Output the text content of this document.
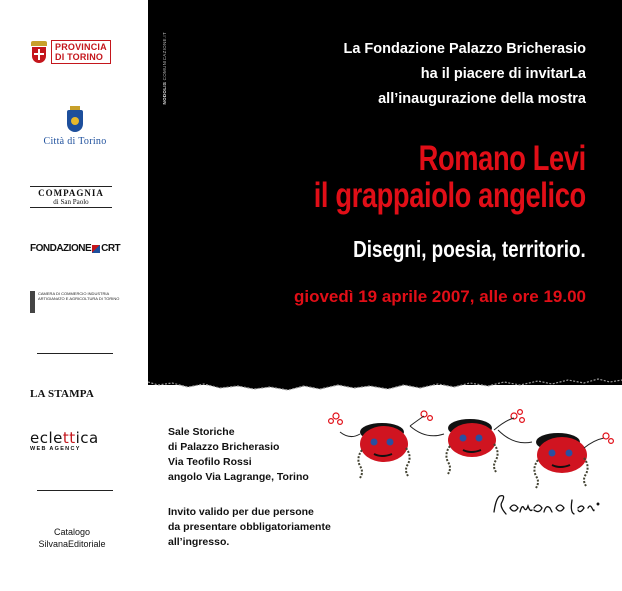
PROVINCIA
DI TORINO
Città di Torino
COMPAGNIA
di San Paolo
FONDAZIONE CRT
CAMERA DI COMMERCIO INDUSTRIA ARTIGIANATO E AGRICOLTURA DI TORINO
LA STAMPA
eclettica
WEB AGENCY
Catalogo
SilvanaEditoriale
NODOLIS COMUNICAZIONE.IT	La Fondazione Palazzo Bricherasio
ha il piacere di invitarLa
all’inaugurazione della mostra
Romano Levi
il grappaiolo angelico
Disegni, poesia, territorio.
giovedì 19 aprile 2007, alle ore 19.00
Sale Storiche
di Palazzo Bricherasio
Via Teofilo Rossi
angolo Via Lagrange, Torino
Invito valido per due persone
da presentare obbligatoriamente
all’ingresso.
